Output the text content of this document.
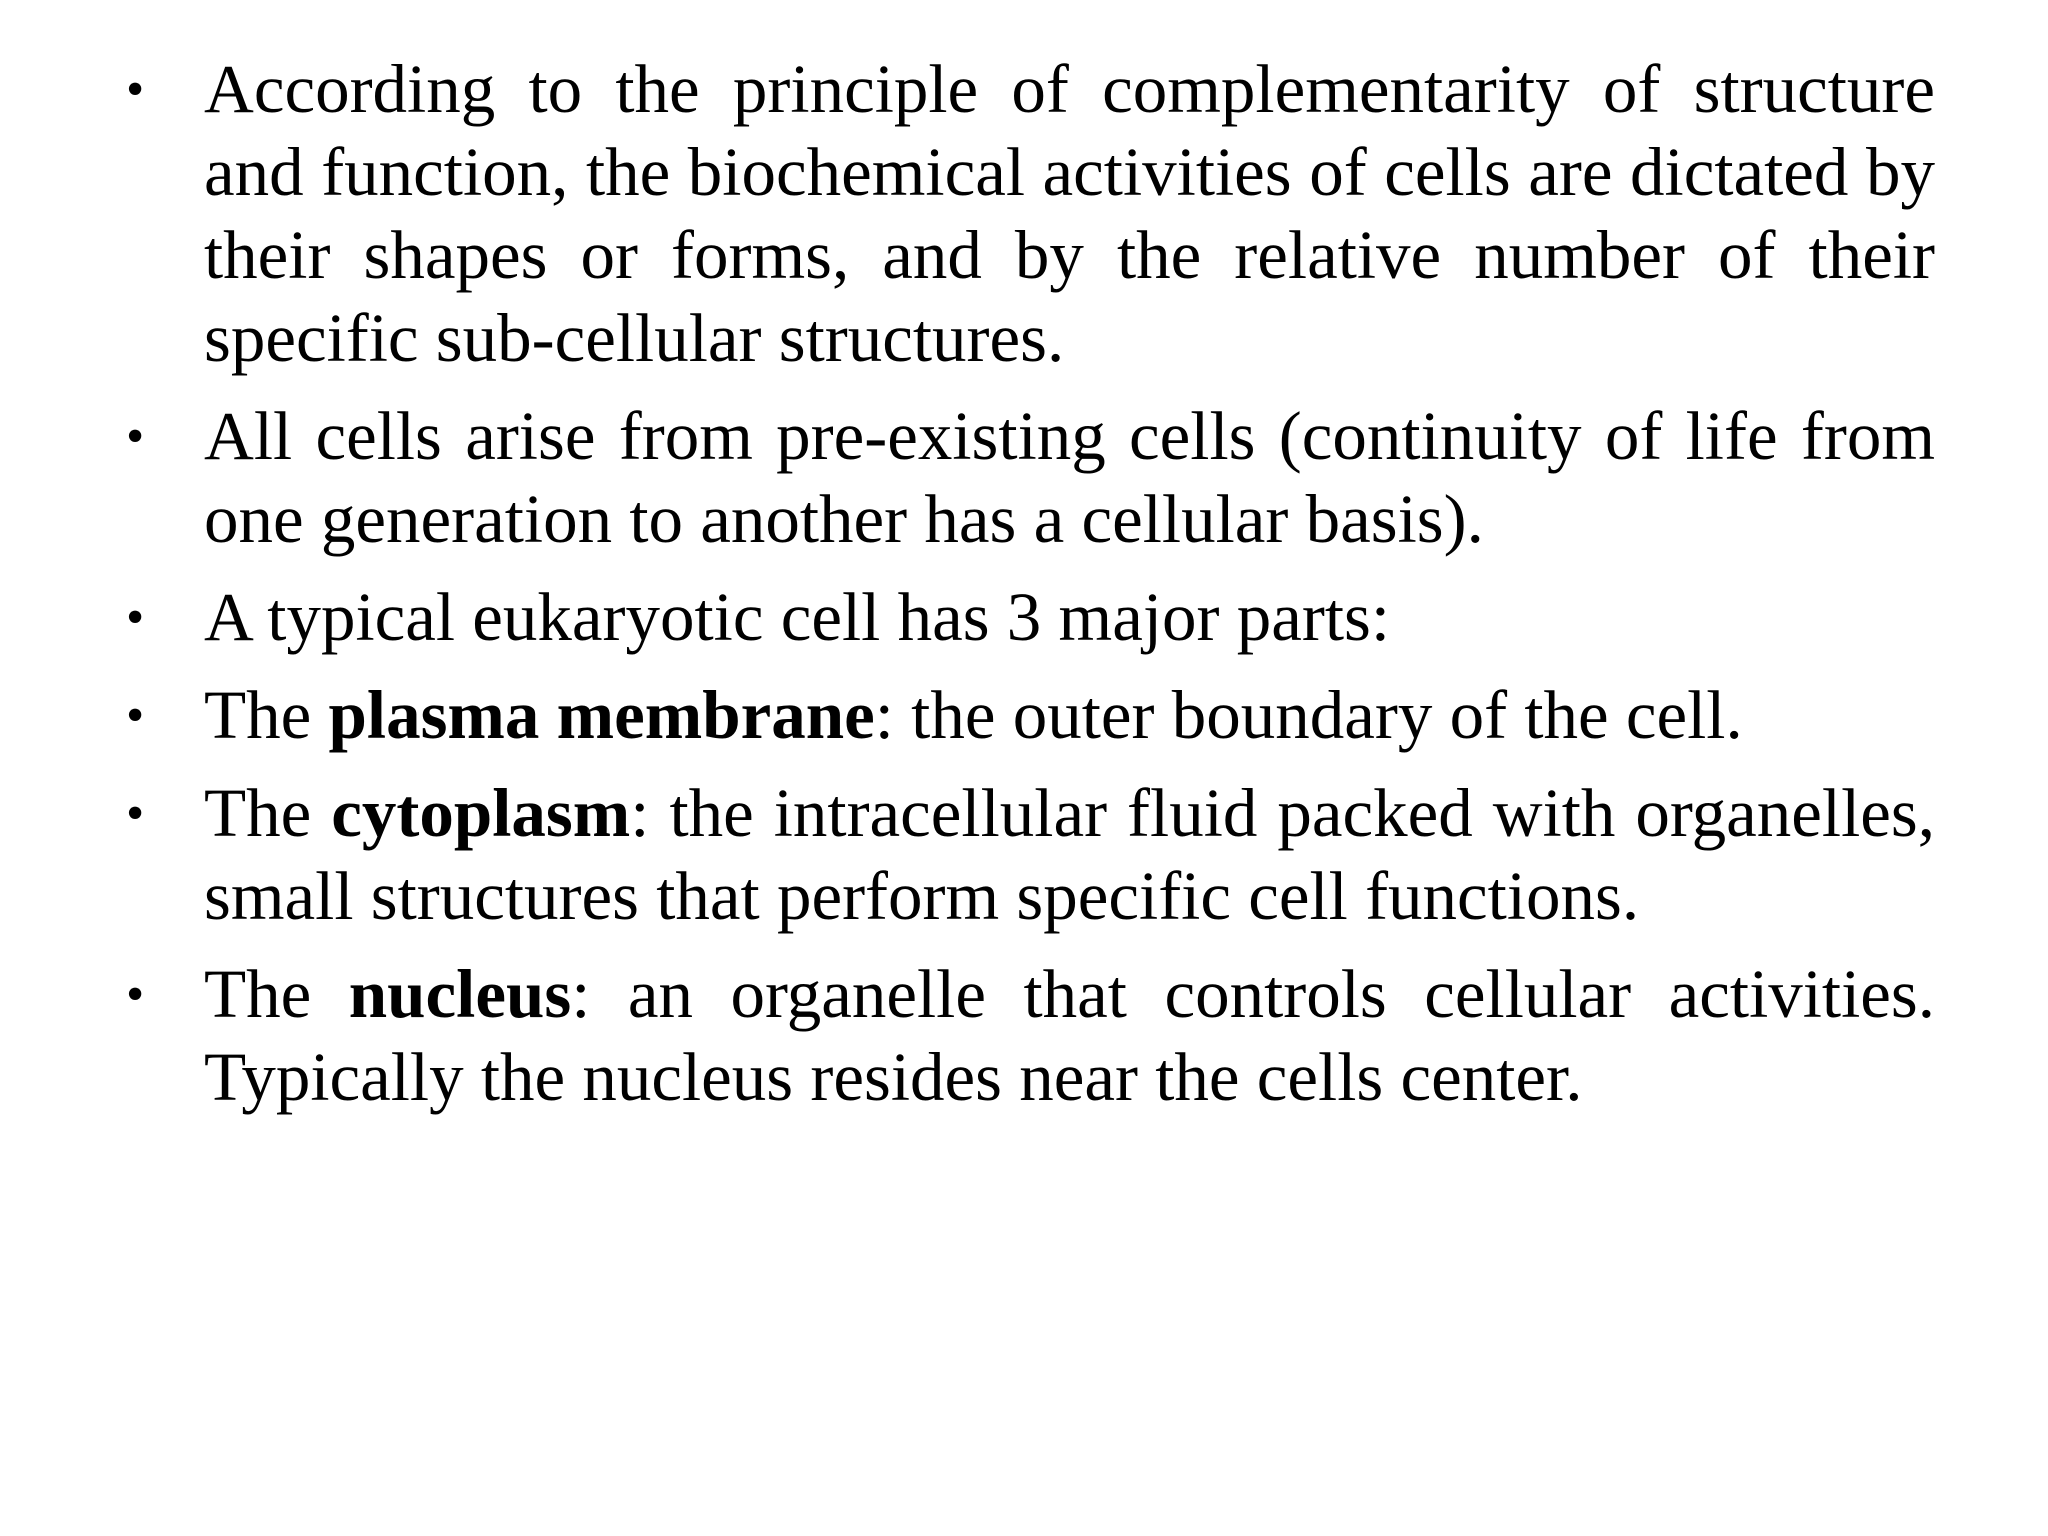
• According to the principle of complementarity of structure and function, the biochemical activities of cells are dictated by their shapes or forms, and by the relative number of their specific sub-cellular structures.
• All cells arise from pre-existing cells (continuity of life from one generation to another has a cellular basis).
• A typical eukaryotic cell has 3 major parts:
• The plasma membrane: the outer boundary of the cell.
• The cytoplasm: the intracellular fluid packed with organelles, small structures that perform specific cell functions.
• The nucleus: an organelle that controls cellular activities. Typically the nucleus resides near the cells center.
